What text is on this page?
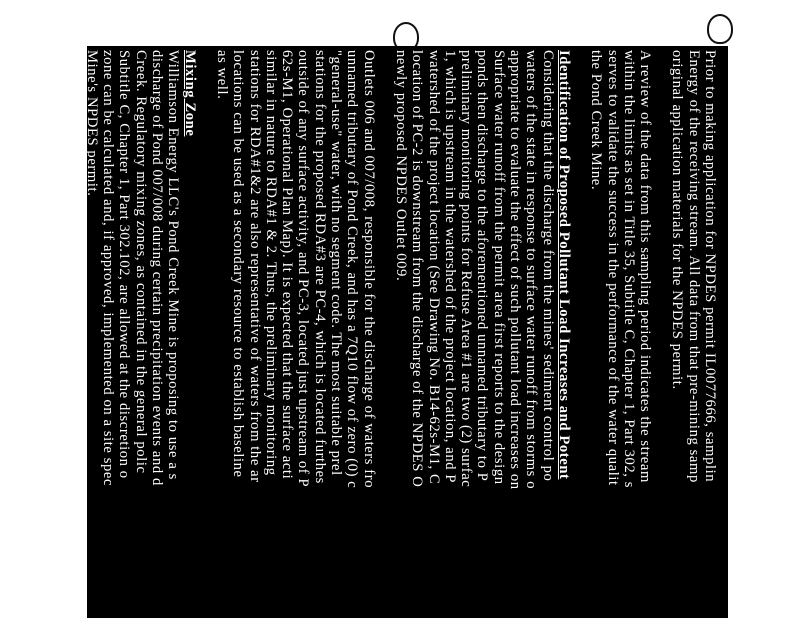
Prior to making application for NPDES permit IL0077666, samplin
Energy of the receiving stream. All data from that pre-mining samp
original application materials for the NPDES permit.
A review of the data from this sampling period indicates the stream
within the limits as set in Title 35, Subtitle C, Chapter 1, Part 302, s
serves to validate the success in the performance of the water qualit
the Pond Creek Mine.
Identification of Proposed Pollutant Load Increases and Potent
Considering that the discharge from the mines' sediment control po
waters of the state in response to surface water runoff from storms o
appropriate to evaluate the effect of such pollutant load increases on
Surface water runoff from the permit area first reports to the design
ponds then discharge to the aforementioned unnamed tributary to P
preliminary monitoring points for Refuse Area #1 are two (2) surfac
1, which is upstream in the watershed of the project location, and P
watershed of the project location (See Drawing No. B14-62s-M1, C
location of PC-2 is downstream from the discharge of the NPDES O
newly proposed NPDES Outlet 009.
Outlets 006 and 007/008, responsible for the discharge of waters fro
unnamed tributary of Pond Creek, and has a 7Q10 flow of zero (0) c
"general-use" water, with no segment code. The most suitable prel
stations for the proposed RDA#3 are PC-4, which is located furthes
outside of any surface activity, and PC-3, located just upstream of P
62s-M1, Operational Plan Map). It is expected that the surface acti
similar in nature to RDA#1 & 2. Thus, the preliminary monitoring
stations for RDA#1&2 are also representative of waters from the ar
locations can be used as a secondary resource to establish baseline
as well.
Mixing Zone
Williamson Energy LLC's Pond Creek Mine is proposing to use a s
discharge of Pond 007/008 during certain precipitation events and d
Creek. Regulatory mixing zones, as contained in the general polic
Subtitle C, Chapter 1, Part 302.102, are allowed at the discretion o
zone can be calculated and, if approved, implemented on a site spec
Mine's NPDES permit.
